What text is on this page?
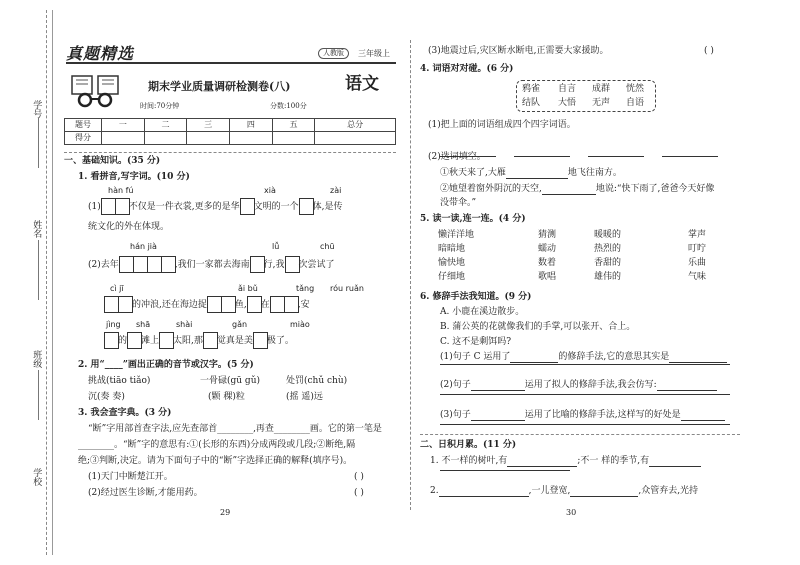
学号
姓名
班级
学校
真题精选	人教版	三年级上
期末学业质量调研检测卷(八)	语文
时间:70分钟	分数:100分
题号	一	二	三	四	五	总分
得分						
一、基础知识。(35 分)
1. 看拼音,写字词。(10 分)
hàn fú	xià	zài
(1)	不仅是一件衣裳,更多的是华 文明的一个 体,是传
统文化的外在体现。
hán jià	lǚ	chū
(2)去年	,我们一家都去海南 行,我 次尝试了
cì jī	ǎi bǔ	tǎng róu ruǎn
的冲浪,还在海边捉	鱼, 在	,安
jìng shā	shài	gǎn	miào
的 滩上 太阳,那 觉真是美 极了。
2. 用“____”画出正确的音节或汉字。(5 分)
挑战(tiāo tiǎo)	一骨碌(gū gǔ)	处罚(chǔ chù)
沉(奏 奏)	(颗 稞)粒	(摇 遥)远
3. 我会查字典。(3 分)
“断”字用部首查字法,应先查部首________,再查________画。它的第一笔是
________。“断”字的意思有:①(长形的东西)分成两段或几段;②断绝,隔
绝;③判断,决定。请为下面句子中的“断”字选择正确的解释(填序号)。
(1)天门中断楚江开。	( )
(2)经过医生诊断,才能用药。	( )
29
(3)地震过后,灾区断水断电,正需要大家援助。	( )
4. 词语对对碰。(6 分)
鸦雀 自言 成群 恍然
结队 大悟 无声 自语
(1)把上面的词语组成四个四字词语。
(2)选词填空。
①秋天来了,大雁	地飞往南方。
②她望着窗外阴沉的天空,	地说:“快下雨了,爸爸今天好像
没带伞。”
5. 读一读,连一连。(4 分)
懒洋洋地	猜测	暖暖的	掌声
暗暗地	蠕动	热烈的	叮咛
愉快地	数着	香甜的	乐曲
仔细地	歌唱	雄伟的	气味
6. 修辞手法我知道。(9 分)
A. 小鹿在溪边散步。
B. 蒲公英的花就像我们的手掌,可以张开、合上。
C. 这不是剩饵吗?
(1)句子 C 运用了	的修辞手法,它的意思其实是
(2)句子	运用了拟人的修辞手法,我会仿写:
(3)句子	运用了比喻的修辞手法,这样写的好处是
二、日积月累。(11 分)
1. 不一样的树叶,有	;不一 样的季节,有
2.	,一儿登宽,	,众管弃去,光持
30
